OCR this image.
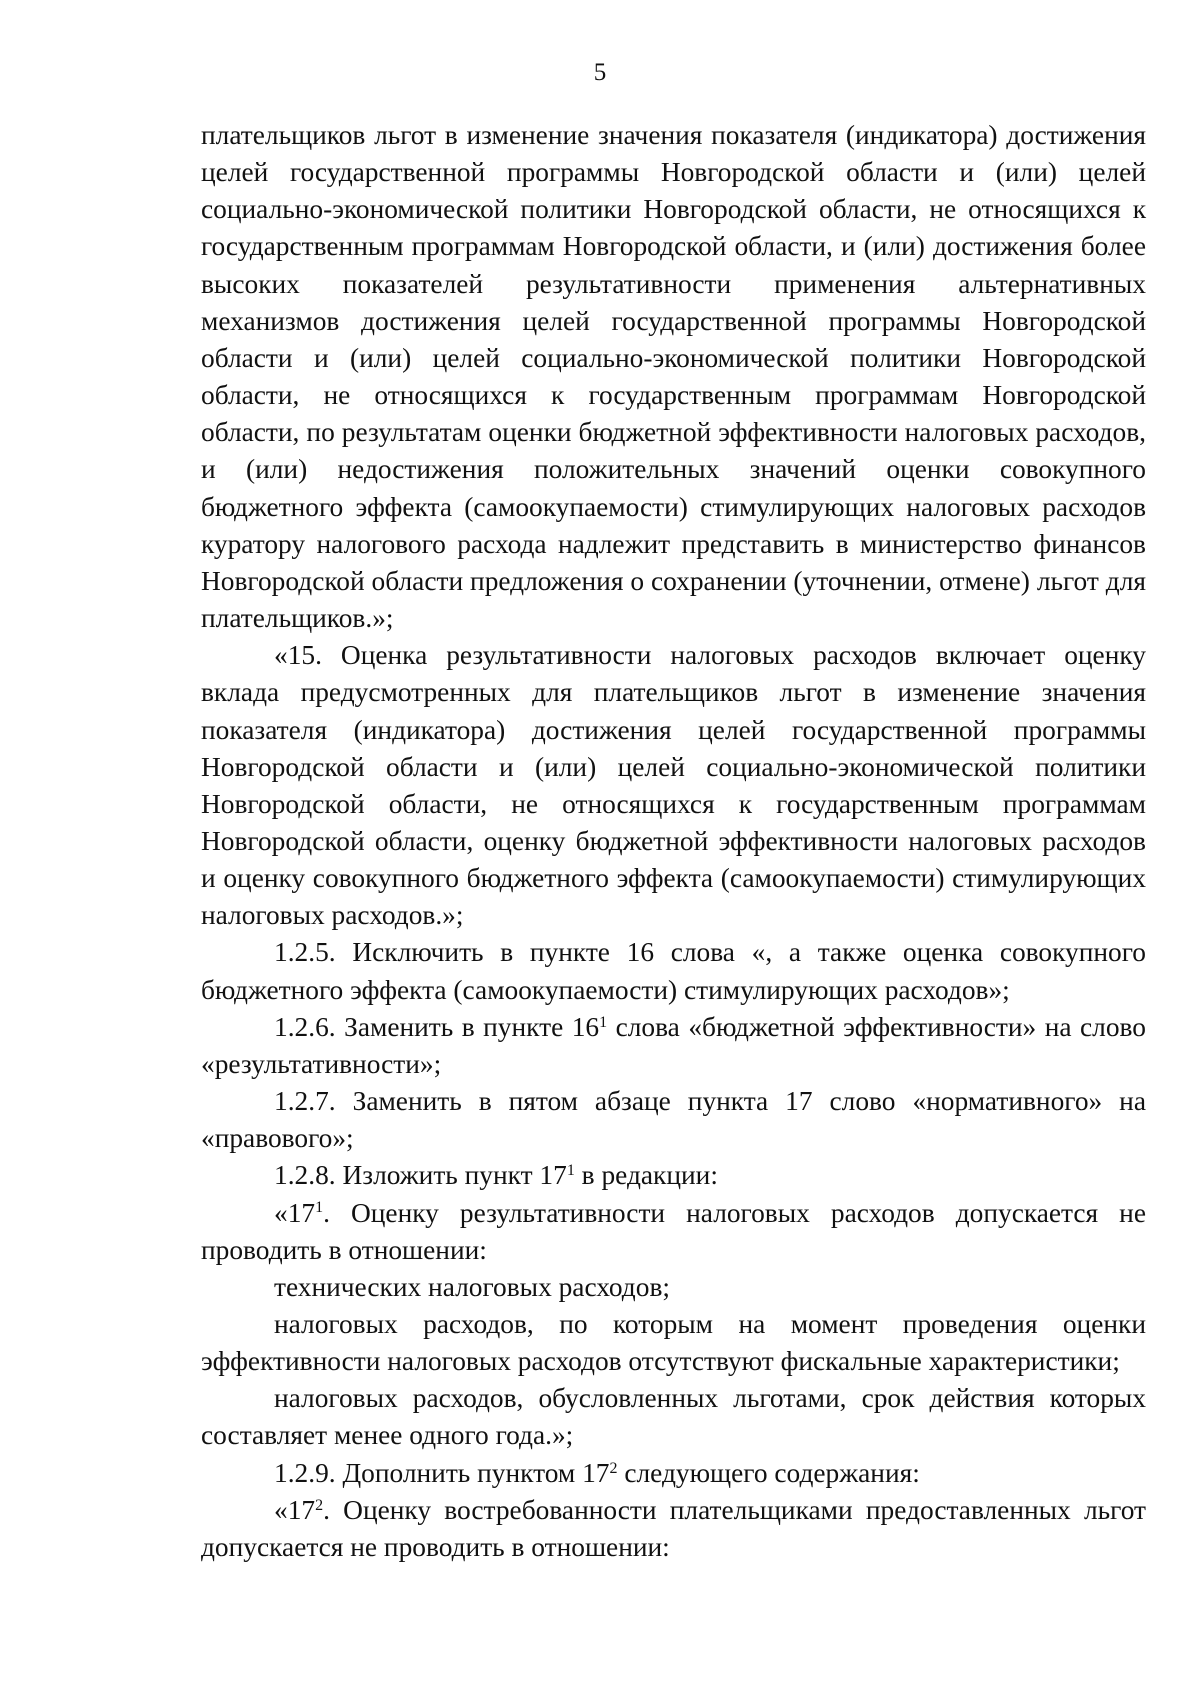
5

плательщиков льгот в изменение значения показателя (индикатора) достижения целей государственной программы Новгородской области и (или) целей социально-экономической политики Новгородской области, не относящихся к государственным программам Новгородской области, и (или) достижения более высоких показателей результативности применения альтернативных механизмов достижения целей государственной программы Новгородской области и (или) целей социально-экономической политики Новгородской области, не относящихся к государственным программам Новгородской области, по результатам оценки бюджетной эффективности налоговых расходов, и (или) недостижения положительных значений оценки совокупного бюджетного эффекта (самоокупаемости) стимулирующих налоговых расходов куратору налогового расхода надлежит представить в министерство финансов Новгородской области предложения о сохранении (уточнении, отмене) льгот для плательщиков.»;

«15. Оценка результативности налоговых расходов включает оценку вклада предусмотренных для плательщиков льгот в изменение значения показателя (индикатора) достижения целей государственной программы Новгородской области и (или) целей социально-экономической политики Новгородской области, не относящихся к государственным программам Новгородской области, оценку бюджетной эффективности налоговых расходов и оценку совокупного бюджетного эффекта (самоокупаемости) стимулирующих налоговых расходов.»;

1.2.5. Исключить в пункте 16 слова «, а также оценка совокупного бюджетного эффекта (самоокупаемости) стимулирующих расходов»;

1.2.6. Заменить в пункте $16^1$ слова «бюджетной эффективности» на слово «результативности»;

1.2.7. Заменить в пятом абзаце пункта 17 слово «нормативного» на «правового»;

1.2.8. Изложить пункт $17^1$ в редакции:

«$17^1$. Оценку результативности налоговых расходов допускается не проводить в отношении:

технических налоговых расходов;

налоговых расходов, по которым на момент проведения оценки эффективности налоговых расходов отсутствуют фискальные характеристики;

налоговых расходов, обусловленных льготами, срок действия которых составляет менее одного года.»;

1.2.9. Дополнить пунктом $17^2$ следующего содержания:

«$17^2$. Оценку востребованности плательщиками предоставленных льгот допускается не проводить в отношении:
